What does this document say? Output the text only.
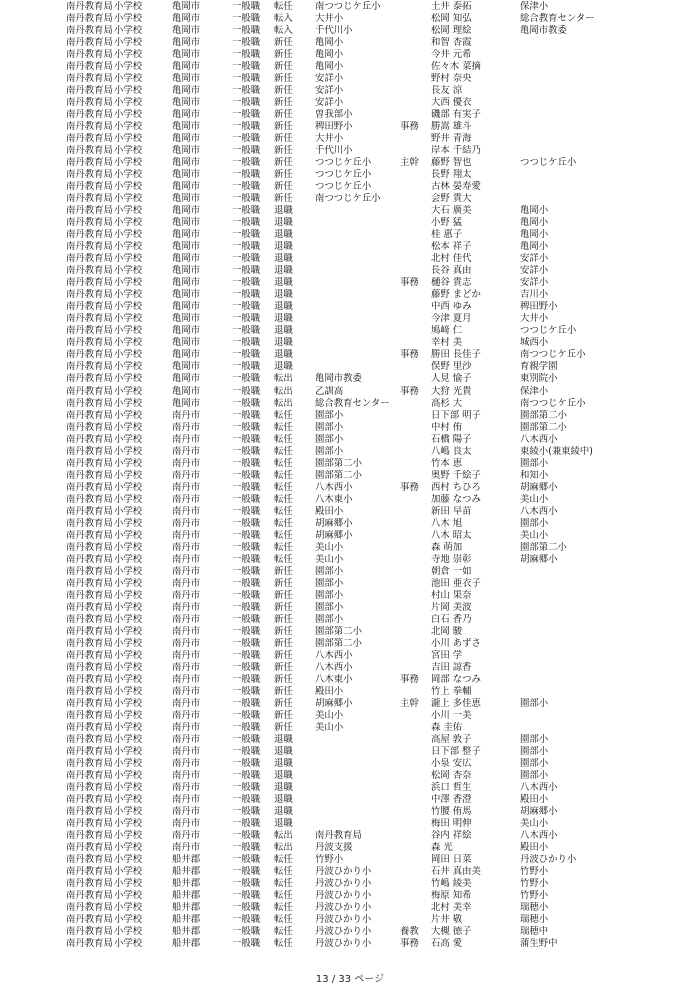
南丹教育局	小学校	亀岡市	一般職	転任	南つつじケ丘小		土井 泰拓	保津小
南丹教育局	小学校	亀岡市	一般職	転入	大井小		松岡 知弘	総合教育センター
南丹教育局	小学校	亀岡市	一般職	転入	千代川小		松岡 理絵	亀岡市教委
南丹教育局	小学校	亀岡市	一般職	新任	亀岡小		和智 杏霞	
南丹教育局	小学校	亀岡市	一般職	新任	亀岡小		今井 元希	
南丹教育局	小学校	亀岡市	一般職	新任	亀岡小		佐々木 菜摘	
南丹教育局	小学校	亀岡市	一般職	新任	安詳小		野村 奈央	
南丹教育局	小学校	亀岡市	一般職	新任	安詳小		長友 涼	
南丹教育局	小学校	亀岡市	一般職	新任	安詳小		大西 優衣	
南丹教育局	小学校	亀岡市	一般職	新任	曽我部小		磯部 有実子	
南丹教育局	小学校	亀岡市	一般職	新任	稗田野小	事務	勝嵩 雄斗	
南丹教育局	小学校	亀岡市	一般職	新任	大井小		野井 青海	
南丹教育局	小学校	亀岡市	一般職	新任	千代川小		岸本 千結乃	
南丹教育局	小学校	亀岡市	一般職	新任	つつじケ丘小	主幹	藤野 智也	つつじケ丘小
南丹教育局	小学校	亀岡市	一般職	新任	つつじケ丘小		長野 翔太	
南丹教育局	小学校	亀岡市	一般職	新任	つつじケ丘小		古林 晏寿愛	
南丹教育局	小学校	亀岡市	一般職	新任	南つつじケ丘小		会野 貴大	
南丹教育局	小学校	亀岡市	一般職	退職			大石 廣美	亀岡小
南丹教育局	小学校	亀岡市	一般職	退職			小野 猛	亀岡小
南丹教育局	小学校	亀岡市	一般職	退職			桂 惠子	亀岡小
南丹教育局	小学校	亀岡市	一般職	退職			松本 祥子	亀岡小
南丹教育局	小学校	亀岡市	一般職	退職			北村 佳代	安詳小
南丹教育局	小学校	亀岡市	一般職	退職			長谷 真由	安詳小
南丹教育局	小学校	亀岡市	一般職	退職		事務	樋谷 貴志	安詳小
南丹教育局	小学校	亀岡市	一般職	退職			藤野 まどか	吉川小
南丹教育局	小学校	亀岡市	一般職	退職			中西 ゆみ	稗田野小
南丹教育局	小学校	亀岡市	一般職	退職			今津 夏月	大井小
南丹教育局	小学校	亀岡市	一般職	退職			鳩﨑 仁	つつじケ丘小
南丹教育局	小学校	亀岡市	一般職	退職			幸村 美	城西小
南丹教育局	小学校	亀岡市	一般職	退職		事務	勝田 長佳子	南つつじケ丘小
南丹教育局	小学校	亀岡市	一般職	退職			俣野 里沙	育親学園
南丹教育局	小学校	亀岡市	一般職	転出	亀岡市教委		人見 愉子	東別院小
南丹教育局	小学校	亀岡市	一般職	転出	乙訓高	事務	大狩 光貴	保津小
南丹教育局	小学校	亀岡市	一般職	転出	総合教育センター		高杉 大	南つつじケ丘小
南丹教育局	小学校	南丹市	一般職	転任	園部小		日下部 明子	園部第二小
南丹教育局	小学校	南丹市	一般職	転任	園部小		中村 侑	園部第二小
南丹教育局	小学校	南丹市	一般職	転任	園部小		石橋 陽子	八木西小
南丹教育局	小学校	南丹市	一般職	転任	園部小		八嶋 良太	東綾小(兼東綾中)
南丹教育局	小学校	南丹市	一般職	転任	園部第二小		竹本 恵	園部小
南丹教育局	小学校	南丹市	一般職	転任	園部第二小		奥野 千絵子	和知小
南丹教育局	小学校	南丹市	一般職	転任	八木西小	事務	西村 ちひろ	胡麻郷小
南丹教育局	小学校	南丹市	一般職	転任	八木東小		加藤 なつみ	美山小
南丹教育局	小学校	南丹市	一般職	転任	殿田小		新田 早苗	八木西小
南丹教育局	小学校	南丹市	一般職	転任	胡麻郷小		八木 旭	園部小
南丹教育局	小学校	南丹市	一般職	転任	胡麻郷小		八木 昭太	美山小
南丹教育局	小学校	南丹市	一般職	転任	美山小		森 萌加	園部第二小
南丹教育局	小学校	南丹市	一般職	転任	美山小		寺地 崇彰	胡麻郷小
南丹教育局	小学校	南丹市	一般職	新任	園部小		朝倉 一如	
南丹教育局	小学校	南丹市	一般職	新任	園部小		池田 亜衣子	
南丹教育局	小学校	南丹市	一般職	新任	園部小		村山 果奈	
南丹教育局	小学校	南丹市	一般職	新任	園部小		片岡 美波	
南丹教育局	小学校	南丹市	一般職	新任	園部小		白石 香乃	
南丹教育局	小学校	南丹市	一般職	新任	園部第二小		北岡 駿	
南丹教育局	小学校	南丹市	一般職	新任	園部第二小		小川 あずさ	
南丹教育局	小学校	南丹市	一般職	新任	八木西小		宮田 学	
南丹教育局	小学校	南丹市	一般職	新任	八木西小		吉田 諒香	
南丹教育局	小学校	南丹市	一般職	新任	八木東小	事務	岡部 なつみ	
南丹教育局	小学校	南丹市	一般職	新任	殿田小		竹上 拳輔	
南丹教育局	小学校	南丹市	一般職	新任	胡麻郷小	主幹	瀧上 多佳恵	園部小
南丹教育局	小学校	南丹市	一般職	新任	美山小		小川 一美	
南丹教育局	小学校	南丹市	一般職	新任	美山小		森 圭佑	
南丹教育局	小学校	南丹市	一般職	退職			高屋 敦子	園部小
南丹教育局	小学校	南丹市	一般職	退職			日下部 整子	園部小
南丹教育局	小学校	南丹市	一般職	退職			小泉 安広	園部小
南丹教育局	小学校	南丹市	一般職	退職			松岡 杏奈	園部小
南丹教育局	小学校	南丹市	一般職	退職			浜口 哲生	八木西小
南丹教育局	小学校	南丹市	一般職	退職			中澤 香澄	殿田小
南丹教育局	小学校	南丹市	一般職	退職			竹腰 侑馬	胡麻郷小
南丹教育局	小学校	南丹市	一般職	退職			梅田 明伸	美山小
南丹教育局	小学校	南丹市	一般職	転出	南丹教育局		谷内 祥絵	八木西小
南丹教育局	小学校	南丹市	一般職	転出	丹波支援		森 光	殿田小
南丹教育局	小学校	船井郡	一般職	転任	竹野小		岡田 日菜	丹波ひかり小
南丹教育局	小学校	船井郡	一般職	転任	丹波ひかり小		石井 真由美	竹野小
南丹教育局	小学校	船井郡	一般職	転任	丹波ひかり小		竹嶋 綾美	竹野小
南丹教育局	小学校	船井郡	一般職	転任	丹波ひかり小		梅原 知希	竹野小
南丹教育局	小学校	船井郡	一般職	転任	丹波ひかり小		北村 美幸	瑞穂小
南丹教育局	小学校	船井郡	一般職	転任	丹波ひかり小		片井 敬	瑞穂小
南丹教育局	小学校	船井郡	一般職	転任	丹波ひかり小	養教	大槻 徳子	瑞穂中
南丹教育局	小学校	船井郡	一般職	転任	丹波ひかり小	事務	石高 愛	蒲生野中
13 / 33 ページ
